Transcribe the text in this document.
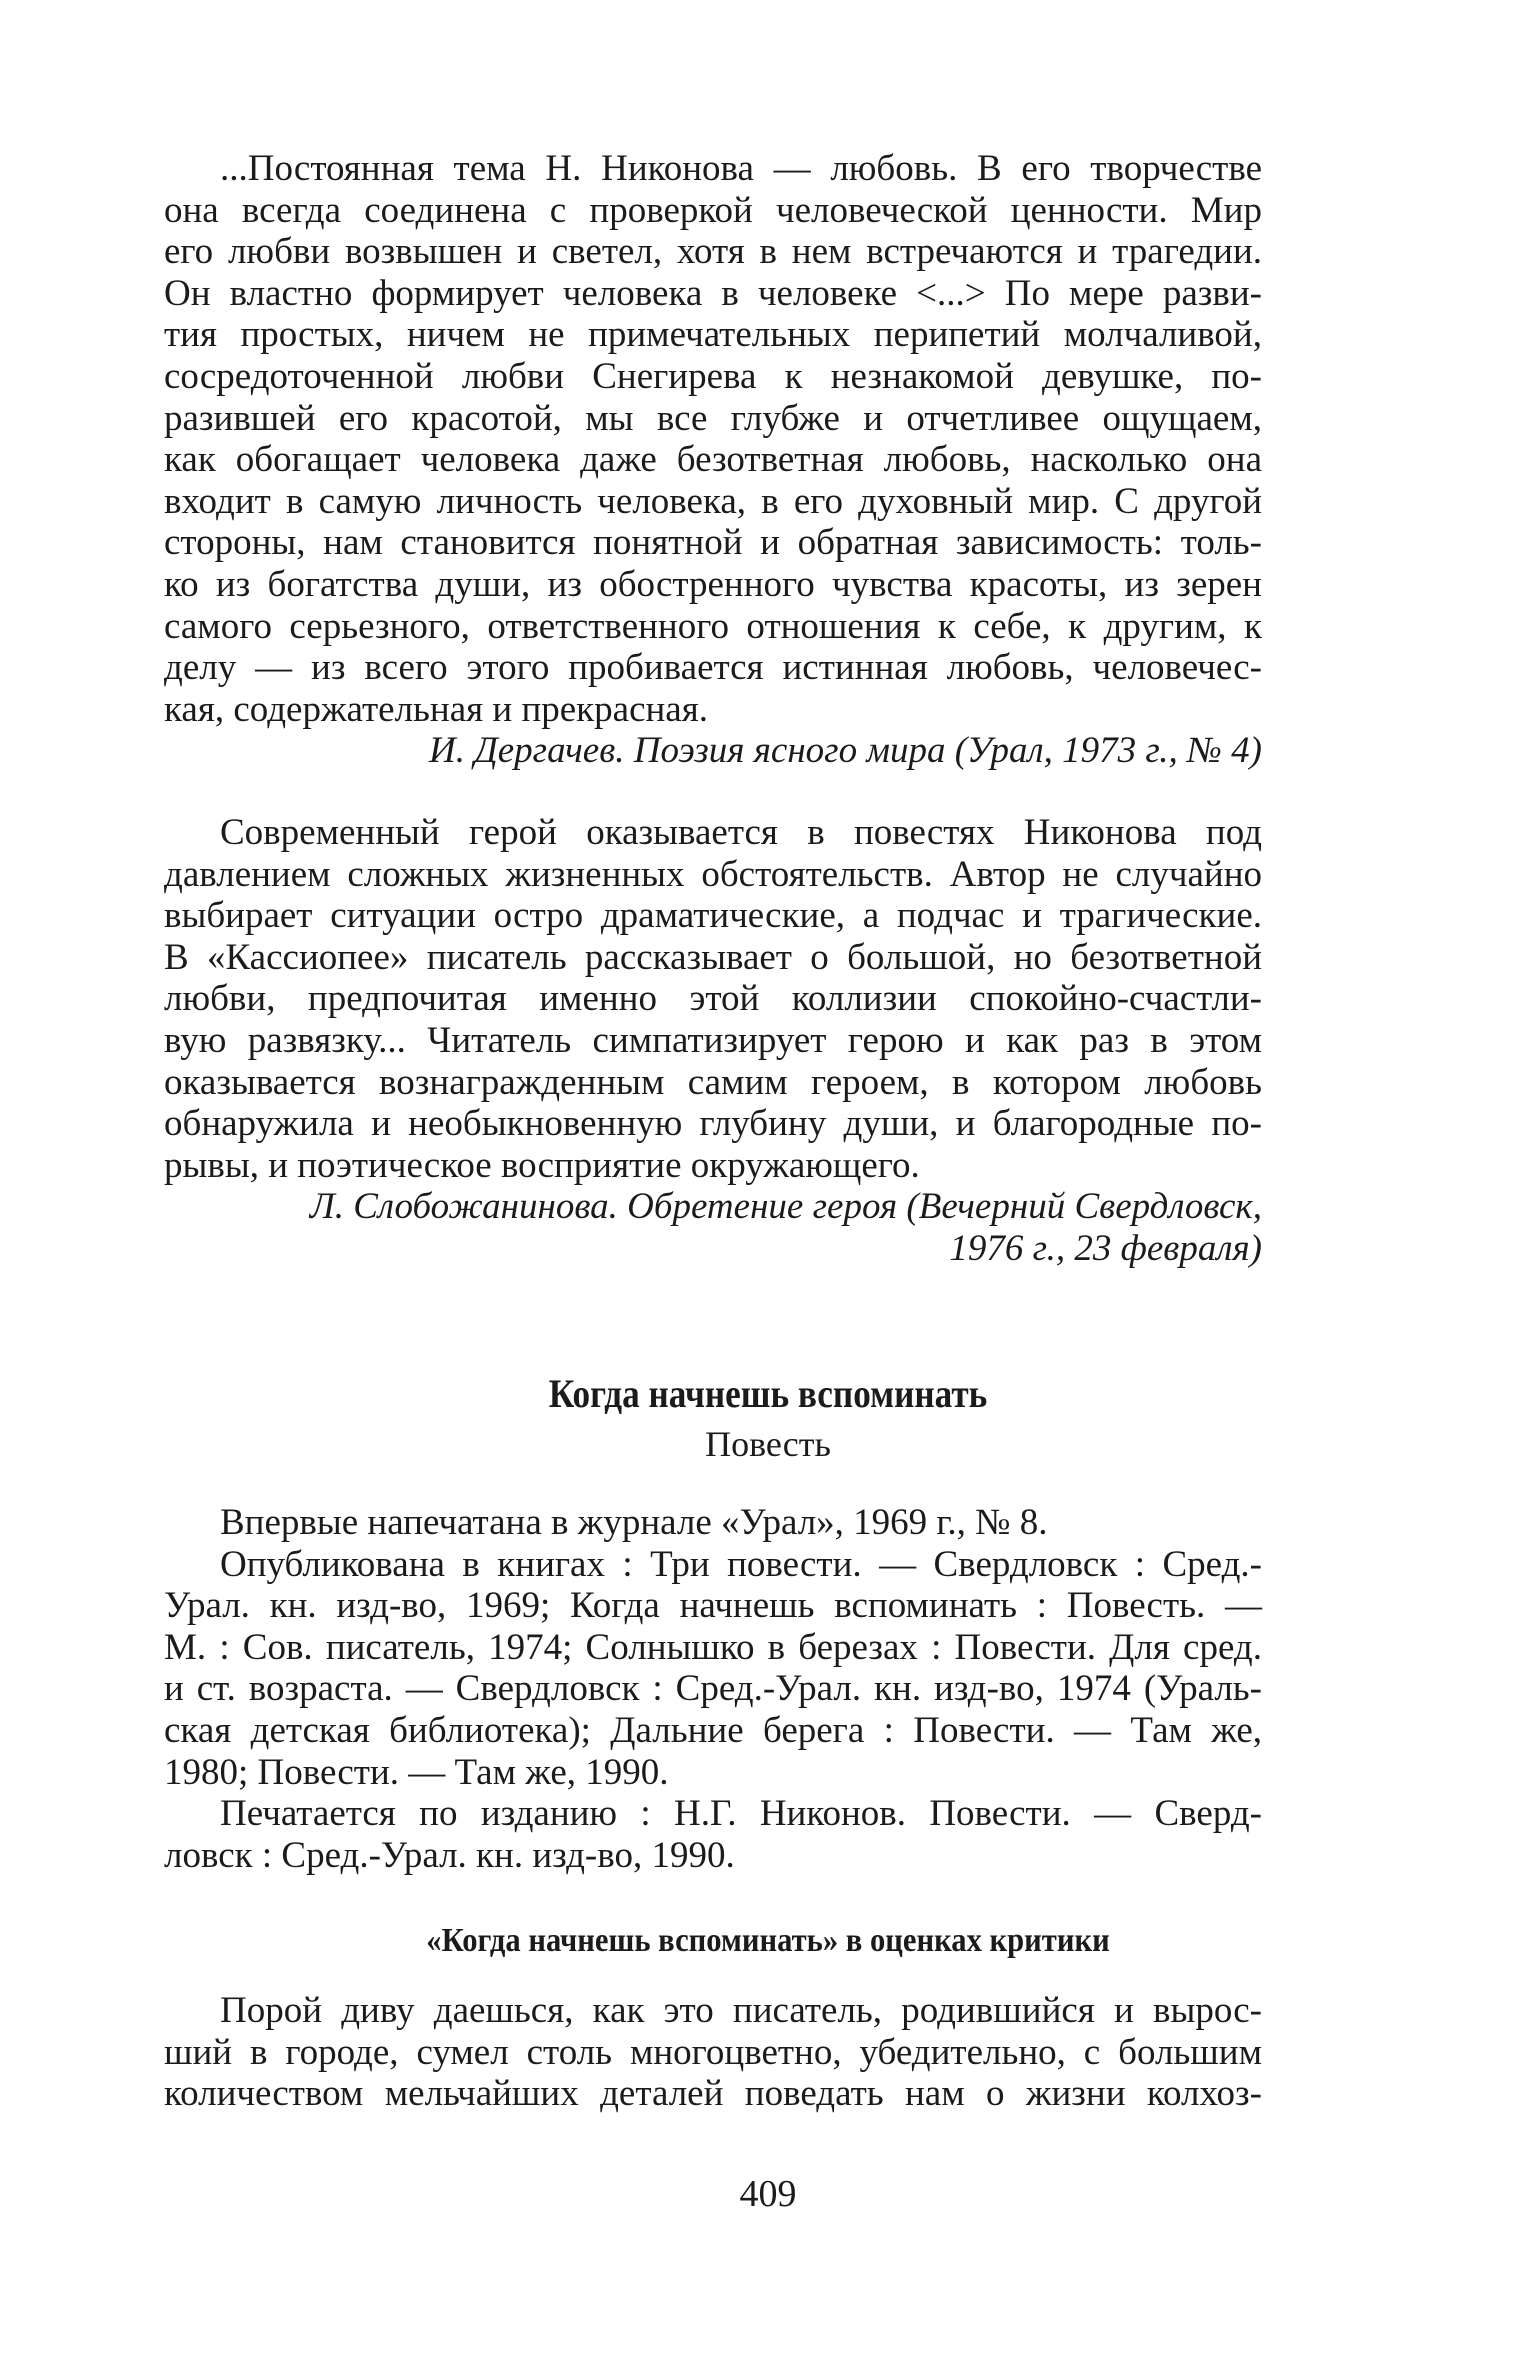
...Постоянная тема Н. Никонова — любовь. В его творчестве
она всегда соединена с проверкой человеческой ценности. Мир
его любви возвышен и светел, хотя в нем встречаются и трагедии.
Он властно формирует человека в человеке <...> По мере разви-
тия простых, ничем не примечательных перипетий молчаливой,
сосредоточенной любви Снегирева к незнакомой девушке, по-
разившей его красотой, мы все глубже и отчетливее ощущаем,
как обогащает человека даже безответная любовь, насколько она
входит в самую личность человека, в его духовный мир. С другой
стороны, нам становится понятной и обратная зависимость: толь-
ко из богатства души, из обостренного чувства красоты, из зерен
самого серьезного, ответственного отношения к себе, к другим, к
делу — из всего этого пробивается истинная любовь, человечес-
кая, содержательная и прекрасная.
И. Дергачев. Поэзия ясного мира (Урал, 1973 г., № 4)
Современный герой оказывается в повестях Никонова под
давлением сложных жизненных обстоятельств. Автор не случайно
выбирает ситуации остро драматические, а подчас и трагические.
В «Кассиопее» писатель рассказывает о большой, но безответной
любви, предпочитая именно этой коллизии спокойно-счастли-
вую развязку... Читатель симпатизирует герою и как раз в этом
оказывается вознагражденным самим героем, в котором любовь
обнаружила и необыкновенную глубину души, и благородные по-
рывы, и поэтическое восприятие окружающего.
Л. Слобожанинова. Обретение героя (Вечерний Свердловск,
1976 г., 23 февраля)
Когда начнешь вспоминать
Повесть
Впервые напечатана в журнале «Урал», 1969 г., № 8.
Опубликована в книгах : Три повести. — Свердловск : Сред.-
Урал. кн. изд-во, 1969; Когда начнешь вспоминать : Повесть. —
М. : Сов. писатель, 1974; Солнышко в березах : Повести. Для сред.
и ст. возраста. — Свердловск : Сред.-Урал. кн. изд-во, 1974 (Ураль-
ская детская библиотека); Дальние берега : Повести. — Там же,
1980; Повести. — Там же, 1990.
Печатается по изданию : Н.Г. Никонов. Повести. — Сверд-
ловск : Сред.-Урал. кн. изд-во, 1990.
«Когда начнешь вспоминать» в оценках критики
Порой диву даешься, как это писатель, родившийся и вырос-
ший в городе, сумел столь многоцветно, убедительно, с большим
количеством мельчайших деталей поведать нам о жизни колхоз-
409
